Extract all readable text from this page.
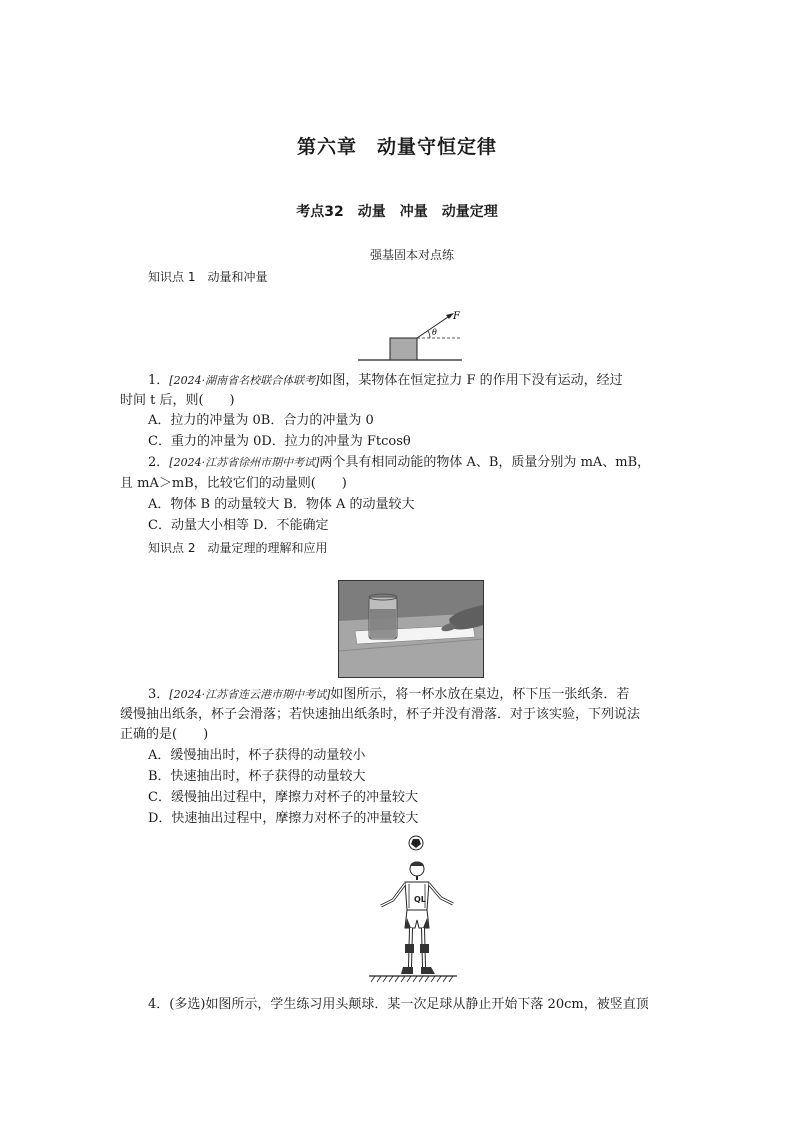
第六章　动量守恒定律
考点32　动量　冲量　动量定理
强基固本对点练
知识点 1　动量和冲量
F
θ
1．[2024·湖南省名校联合体联考]如图，某物体在恒定拉力 F 的作用下没有运动，经过
时间 t 后，则(　　)
A．拉力的冲量为 0B．合力的冲量为 0
C．重力的冲量为 0D．拉力的冲量为 Ftcosθ
2．[2024·江苏省徐州市期中考试]两个具有相同动能的物体 A、B，质量分别为 mA、mB，
且 mA＞mB，比较它们的动量则(　　)
A．物体 B 的动量较大 B．物体 A 的动量较大
C．动量大小相等 D．不能确定
知识点 2　动量定理的理解和应用
3．[2024·江苏省连云港市期中考试]如图所示，将一杯水放在桌边，杯下压一张纸条．若
缓慢抽出纸条，杯子会滑落；若快速抽出纸条时，杯子并没有滑落．对于该实验，下列说法
正确的是(　　)
A．缓慢抽出时，杯子获得的动量较小
B．快速抽出时，杯子获得的动量较大
C．缓慢抽出过程中，摩擦力对杯子的冲量较大
D．快速抽出过程中，摩擦力对杯子的冲量较大
QL
4．(多选)如图所示，学生练习用头颠球．某一次足球从静止开始下落 20cm，被竖直顶
